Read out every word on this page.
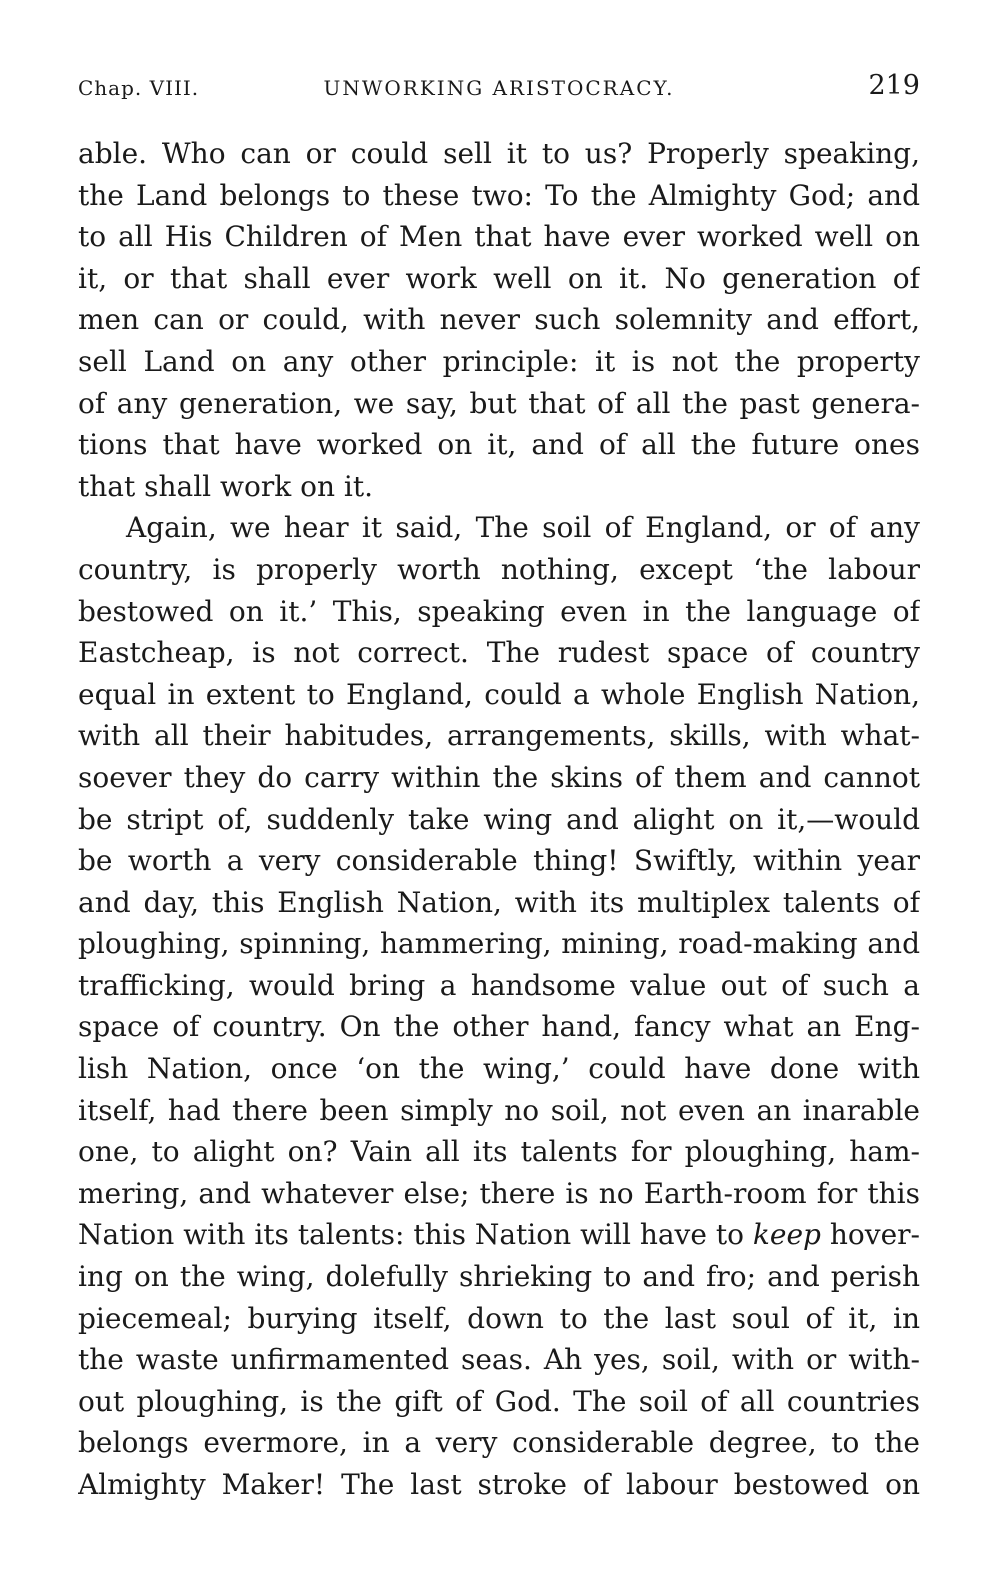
Chap. VIII.	UNWORKING ARISTOCRACY.	219
able. Who can or could sell it to us? Properly speaking,
the Land belongs to these two: To the Almighty God; and
to all His Children of Men that have ever worked well on
it, or that shall ever work well on it. No generation of
men can or could, with never such solemnity and effort,
sell Land on any other principle: it is not the property
of any generation, we say, but that of all the past genera-
tions that have worked on it, and of all the future ones
that shall work on it.
Again, we hear it said, The soil of England, or of any
country, is properly worth nothing, except ‘the labour
bestowed on it.’ This, speaking even in the language of
Eastcheap, is not correct. The rudest space of country
equal in extent to England, could a whole English Nation,
with all their habitudes, arrangements, skills, with what-
soever they do carry within the skins of them and cannot
be stript of, suddenly take wing and alight on it,—would
be worth a very considerable thing! Swiftly, within year
and day, this English Nation, with its multiplex talents of
ploughing, spinning, hammering, mining, road-making and
trafficking, would bring a handsome value out of such a
space of country. On the other hand, fancy what an Eng-
lish Nation, once ‘on the wing,’ could have done with
itself, had there been simply no soil, not even an inarable
one, to alight on? Vain all its talents for ploughing, ham-
mering, and whatever else; there is no Earth-room for this
Nation with its talents: this Nation will have to keep hover-
ing on the wing, dolefully shrieking to and fro; and perish
piecemeal; burying itself, down to the last soul of it, in
the waste unfirmamented seas. Ah yes, soil, with or with-
out ploughing, is the gift of God. The soil of all countries
belongs evermore, in a very considerable degree, to the
Almighty Maker! The last stroke of labour bestowed on
